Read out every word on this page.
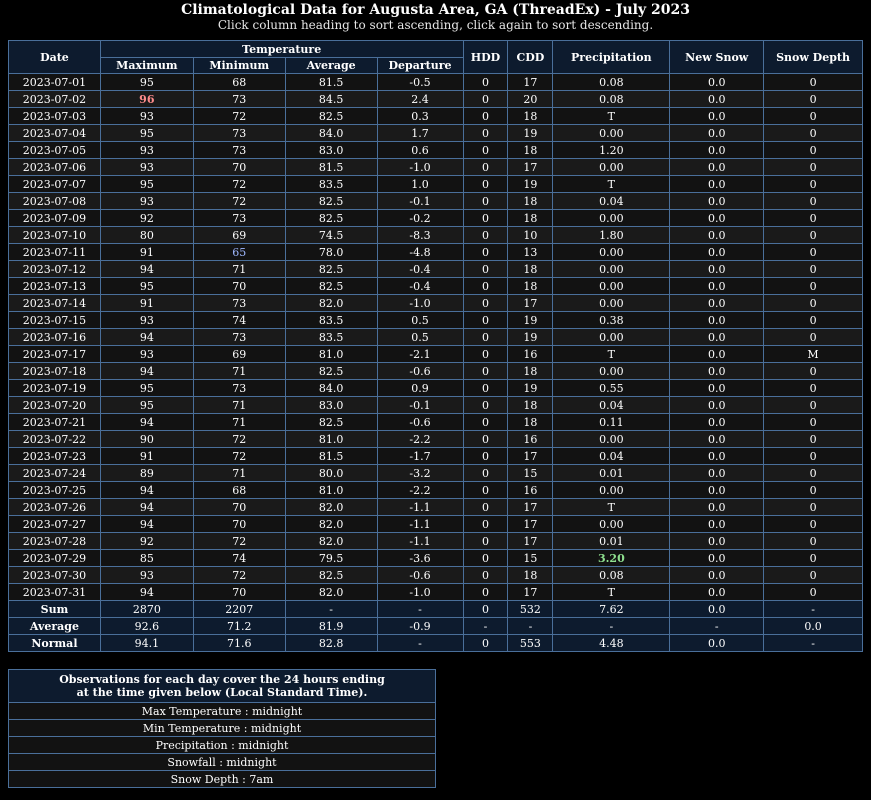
Climatological Data for Augusta Area, GA (ThreadEx) - July 2023
Click column heading to sort ascending, click again to sort descending.
Date	Temperature				HDD	CDD	Precipitation	New Snow	Snow Depth
	Maximum	Minimum	Average	Departure					
2023-07-01	95	68	81.5	-0.5	0	17	0.08	0.0	0
2023-07-02	96	73	84.5	2.4	0	20	0.08	0.0	0
2023-07-03	93	72	82.5	0.3	0	18	T	0.0	0
2023-07-04	95	73	84.0	1.7	0	19	0.00	0.0	0
2023-07-05	93	73	83.0	0.6	0	18	1.20	0.0	0
2023-07-06	93	70	81.5	-1.0	0	17	0.00	0.0	0
2023-07-07	95	72	83.5	1.0	0	19	T	0.0	0
2023-07-08	93	72	82.5	-0.1	0	18	0.04	0.0	0
2023-07-09	92	73	82.5	-0.2	0	18	0.00	0.0	0
2023-07-10	80	69	74.5	-8.3	0	10	1.80	0.0	0
2023-07-11	91	65	78.0	-4.8	0	13	0.00	0.0	0
2023-07-12	94	71	82.5	-0.4	0	18	0.00	0.0	0
2023-07-13	95	70	82.5	-0.4	0	18	0.00	0.0	0
2023-07-14	91	73	82.0	-1.0	0	17	0.00	0.0	0
2023-07-15	93	74	83.5	0.5	0	19	0.38	0.0	0
2023-07-16	94	73	83.5	0.5	0	19	0.00	0.0	0
2023-07-17	93	69	81.0	-2.1	0	16	T	0.0	M
2023-07-18	94	71	82.5	-0.6	0	18	0.00	0.0	0
2023-07-19	95	73	84.0	0.9	0	19	0.55	0.0	0
2023-07-20	95	71	83.0	-0.1	0	18	0.04	0.0	0
2023-07-21	94	71	82.5	-0.6	0	18	0.11	0.0	0
2023-07-22	90	72	81.0	-2.2	0	16	0.00	0.0	0
2023-07-23	91	72	81.5	-1.7	0	17	0.04	0.0	0
2023-07-24	89	71	80.0	-3.2	0	15	0.01	0.0	0
2023-07-25	94	68	81.0	-2.2	0	16	0.00	0.0	0
2023-07-26	94	70	82.0	-1.1	0	17	T	0.0	0
2023-07-27	94	70	82.0	-1.1	0	17	0.00	0.0	0
2023-07-28	92	72	82.0	-1.1	0	17	0.01	0.0	0
2023-07-29	85	74	79.5	-3.6	0	15	3.20	0.0	0
2023-07-30	93	72	82.5	-0.6	0	18	0.08	0.0	0
2023-07-31	94	70	82.0	-1.0	0	17	T	0.0	0
Sum	2870	2207	-	-	0	532	7.62	0.0	-
Average	92.6	71.2	81.9	-0.9	-	-	-	-	0.0
Normal	94.1	71.6	82.8	-	0	553	4.48	0.0	-
Observations for each day cover the 24 hours ending
at the time given below (Local Standard Time).
Max Temperature : midnight
Min Temperature : midnight
Precipitation : midnight
Snowfall : midnight
Snow Depth : 7am
